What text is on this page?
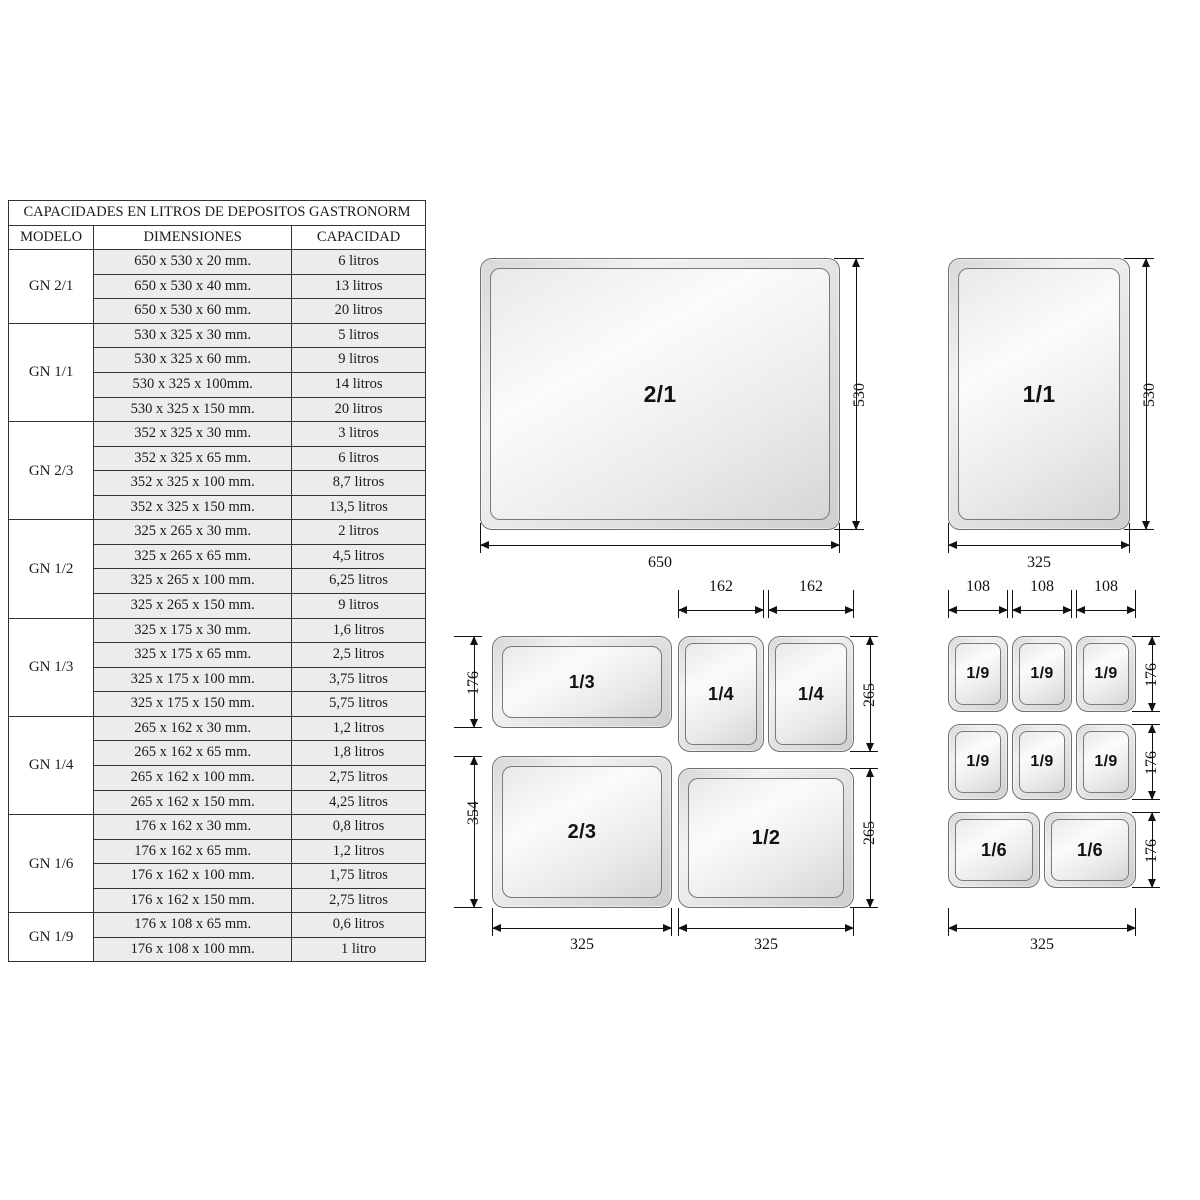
CAPACIDADES EN LITROS DE DEPOSITOS GASTRONORM		
MODELO	DIMENSIONES	CAPACIDAD
GN 2/1	650 x 530 x 20 mm.	6 litros
	650 x 530 x 40 mm.	13 litros
	650 x 530 x 60 mm.	20 litros
GN 1/1	530 x 325 x 30 mm.	5 litros
	530 x 325 x 60 mm.	9 litros
	530 x 325 x 100mm.	14 litros
	530 x 325 x 150 mm.	20 litros
GN 2/3	352 x 325 x 30 mm.	3 litros
	352 x 325 x 65 mm.	6 litros
	352 x 325 x 100 mm.	8,7 litros
	352 x 325 x 150 mm.	13,5 litros
GN 1/2	325 x 265 x 30 mm.	2 litros
	325 x 265 x 65 mm.	4,5 litros
	325 x 265 x 100 mm.	6,25 litros
	325 x 265 x 150 mm.	9 litros
GN 1/3	325 x 175 x 30 mm.	1,6 litros
	325 x 175 x 65 mm.	2,5 litros
	325 x 175 x 100 mm.	3,75 litros
	325 x 175 x 150 mm.	5,75 litros
GN 1/4	265 x 162 x 30 mm.	1,2 litros
	265 x 162 x 65 mm.	1,8 litros
	265 x 162 x 100 mm.	2,75 litros
	265 x 162 x 150 mm.	4,25 litros
GN 1/6	176 x 162 x 30 mm.	0,8 litros
	176 x 162 x 65 mm.	1,2 litros
	176 x 162 x 100 mm.	1,75 litros
	176 x 162 x 150 mm.	2,75 litros
GN 1/9	176 x 108 x 65 mm.	0,6 litros
	176 x 108 x 100 mm.	1 litro
2/1
650
530	1/1
325
530
1/3
1/4	1/4
2/3	1/2
162	162
176
354
265
265
325	325
1/9	1/9	1/9
1/9	1/9	1/9
1/6	1/6
108	108	108
176
176
176
325
